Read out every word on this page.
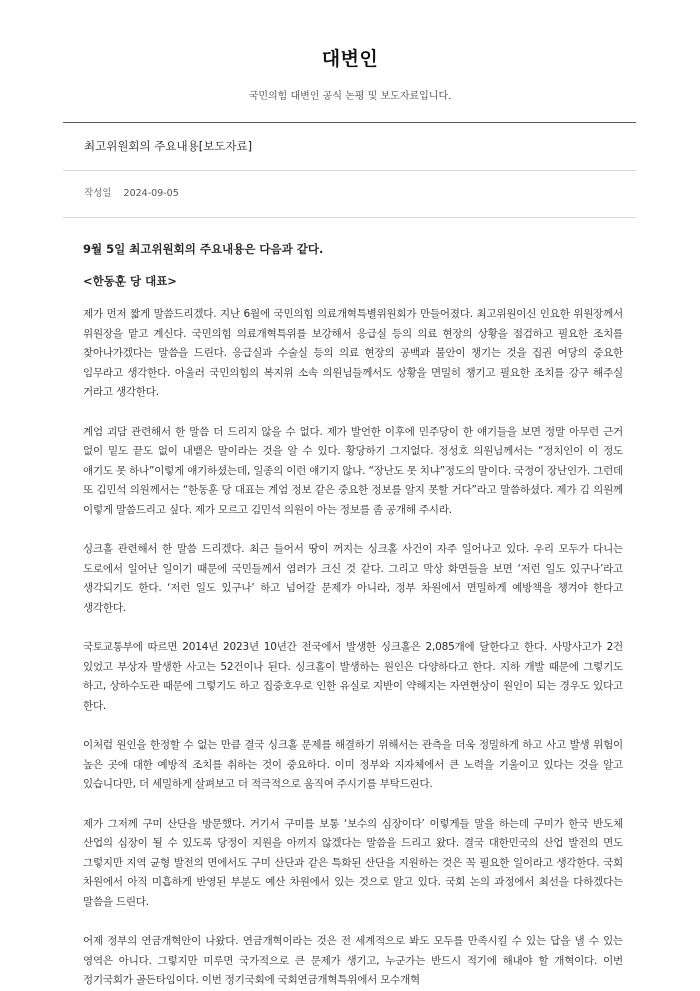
대변인
국민의힘 대변인 공식 논평 및 보도자료입니다.
최고위원회의 주요내용[보도자료]
작성일 2024-09-05

9월 5일 최고위원회의 주요내용은 다음과 같다.

<한동훈 당 대표>

제가 먼저 짧게 말씀드리겠다. 지난 6월에 국민의힘 의료개혁특별위원회가 만들어졌다. 최고위원이신 인요한 위원장께서 위원장을 맡고 계신다. 국민의힘 의료개혁특위를 보강해서 응급실 등의 의료 현장의 상황을 점검하고 필요한 조치를 찾아나가겠다는 말씀을 드린다. 응급실과 수술실 등의 의료 현장의 공백과 불안이 챙기는 것을 집권 여당의 중요한 임무라고 생각한다. 아울러 국민의힘의 복지위 소속 의원님들께서도 상황을 면밀히 챙기고 필요한 조치를 강구 해주실 거라고 생각한다.

계엄 괴담 관련해서 한 말씀 더 드리지 않을 수 없다. 제가 발언한 이후에 민주당이 한 얘기들을 보면 정말 아무런 근거 없이 밑도 끝도 없이 내뱉은 말이라는 것을 알 수 있다. 황당하기 그지없다. 정성호 의원님께서는 “정치인이 이 정도 얘기도 못 하나”이렇게 얘기하셨는데, 일종의 이런 얘기지 않나. “장난도 못 치냐”정도의 말이다. 국정이 장난인가. 그런데 또 김민석 의원께서는 “한동훈 당 대표는 계엄 정보 같은 중요한 정보를 알지 못할 거다”라고 말씀하셨다. 제가 김 의원께 이렇게 말씀드리고 싶다. 제가 모르고 김민석 의원이 아는 정보를 좀 공개해 주시라.

싱크홀 관련해서 한 말씀 드리겠다. 최근 들어서 땅이 꺼지는 싱크홀 사건이 자주 일어나고 있다. 우리 모두가 다니는 도로에서 일어난 일이기 때문에 국민들께서 염려가 크신 것 같다. 그리고 막상 화면들을 보면 ‘저런 일도 있구나’라고 생각되기도 한다. ‘저런 일도 있구나’ 하고 넘어갈 문제가 아니라, 정부 차원에서 면밀하게 예방책을 챙겨야 한다고 생각한다.

국토교통부에 따르면 2014년 2023년 10년간 전국에서 발생한 싱크홀은 2,085개에 달한다고 한다. 사망사고가 2건 있었고 부상자 발생한 사고는 52건이나 된다. 싱크홀이 발생하는 원인은 다양하다고 한다. 지하 개발 때문에 그렇기도 하고, 상하수도관 때문에 그렇기도 하고 집중호우로 인한 유실로 지반이 약해지는 자연현상이 원인이 되는 경우도 있다고 한다.

이처럼 원인을 한정할 수 없는 만큼 결국 싱크홀 문제를 해결하기 위해서는 관측을 더욱 정밀하게 하고 사고 발생 위험이 높은 곳에 대한 예방적 조치를 취하는 것이 중요하다. 이미 정부와 지자체에서 큰 노력을 기울이고 있다는 것을 알고 있습니다만, 더 세밀하게 살펴보고 더 적극적으로 움직여 주시기를 부탁드린다.

제가 그저께 구미 산단을 방문했다. 거기서 구미를 보통 ‘보수의 심장이다’ 이렇게들 말을 하는데 구미가 한국 반도체 산업의 심장이 될 수 있도록 당정이 지원을 아끼지 않겠다는 말씀을 드리고 왔다. 결국 대한민국의 산업 발전의 면도 그렇지만 지역 균형 발전의 면에서도 구미 산단과 같은 특화된 산단을 지원하는 것은 꼭 필요한 일이라고 생각한다. 국회 차원에서 아직 미흡하게 반영된 부분도 예산 차원에서 있는 것으로 알고 있다. 국회 논의 과정에서 최선을 다하겠다는 말씀을 드린다.

어제 정부의 연금개혁안이 나왔다. 연금개혁이라는 것은 전 세계적으로 봐도 모두를 만족시킬 수 있는 답을 낼 수 있는 영역은 아니다. 그렇지만 미루면 국가적으로 큰 문제가 생기고, 누군가는 반드시 적기에 해내야 할 개혁이다. 이번 정기국회가 골든타임이다. 이번 정기국회에 국회연금개혁특위에서 모수개혁
